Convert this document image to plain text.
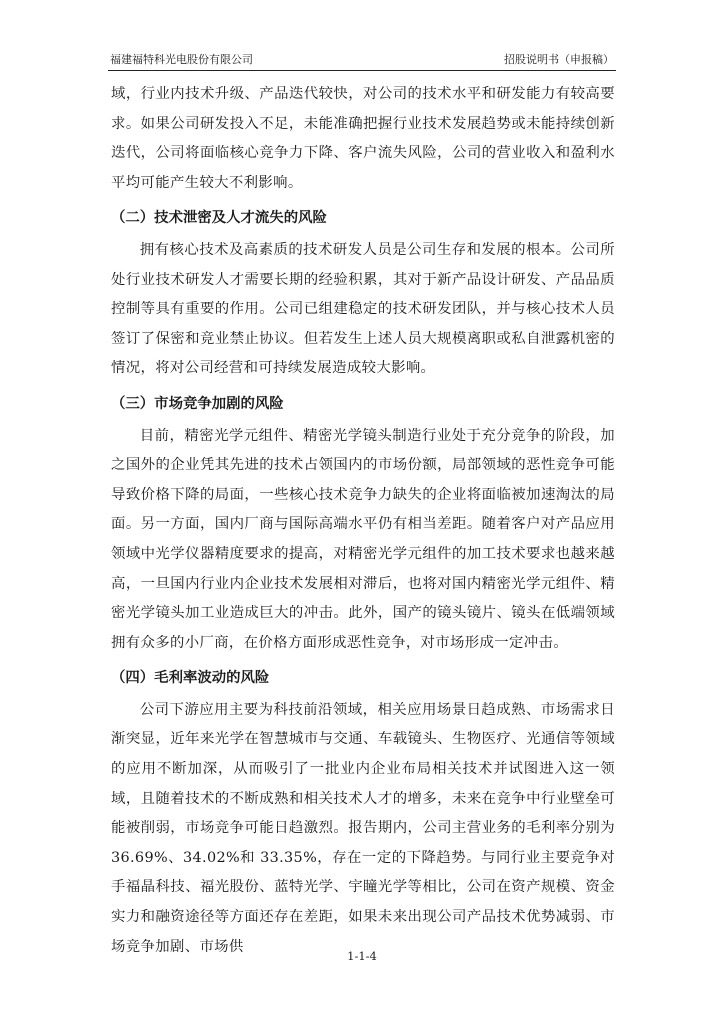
福建福特科光电股份有限公司	招股说明书（申报稿）

域，行业内技术升级、产品迭代较快，对公司的技术水平和研发能力有较高要求。如果公司研发投入不足，未能准确把握行业技术发展趋势或未能持续创新迭代，公司将面临核心竞争力下降、客户流失风险，公司的营业收入和盈利水平均可能产生较大不利影响。

（二）技术泄密及人才流失的风险

拥有核心技术及高素质的技术研发人员是公司生存和发展的根本。公司所处行业技术研发人才需要长期的经验积累，其对于新产品设计研发、产品品质控制等具有重要的作用。公司已组建稳定的技术研发团队，并与核心技术人员签订了保密和竞业禁止协议。但若发生上述人员大规模离职或私自泄露机密的情况，将对公司经营和可持续发展造成较大影响。

（三）市场竞争加剧的风险

目前，精密光学元组件、精密光学镜头制造行业处于充分竞争的阶段，加之国外的企业凭其先进的技术占领国内的市场份额，局部领域的恶性竞争可能导致价格下降的局面，一些核心技术竞争力缺失的企业将面临被加速淘汰的局面。另一方面，国内厂商与国际高端水平仍有相当差距。随着客户对产品应用领域中光学仪器精度要求的提高，对精密光学元组件的加工技术要求也越来越高，一旦国内行业内企业技术发展相对滞后，也将对国内精密光学元组件、精密光学镜头加工业造成巨大的冲击。此外，国产的镜头镜片、镜头在低端领域拥有众多的小厂商，在价格方面形成恶性竞争，对市场形成一定冲击。

（四）毛利率波动的风险

公司下游应用主要为科技前沿领域，相关应用场景日趋成熟、市场需求日渐突显，近年来光学在智慧城市与交通、车载镜头、生物医疗、光通信等领域的应用不断加深，从而吸引了一批业内企业布局相关技术并试图进入这一领域，且随着技术的不断成熟和相关技术人才的增多，未来在竞争中行业壁垒可能被削弱，市场竞争可能日趋激烈。报告期内，公司主营业务的毛利率分别为 36.69%、34.02%和 33.35%，存在一定的下降趋势。与同行业主要竞争对手福晶科技、福光股份、蓝特光学、宇瞳光学等相比，公司在资产规模、资金实力和融资途径等方面还存在差距，如果未来出现公司产品技术优势减弱、市场竞争加剧、市场供

1-1-4
